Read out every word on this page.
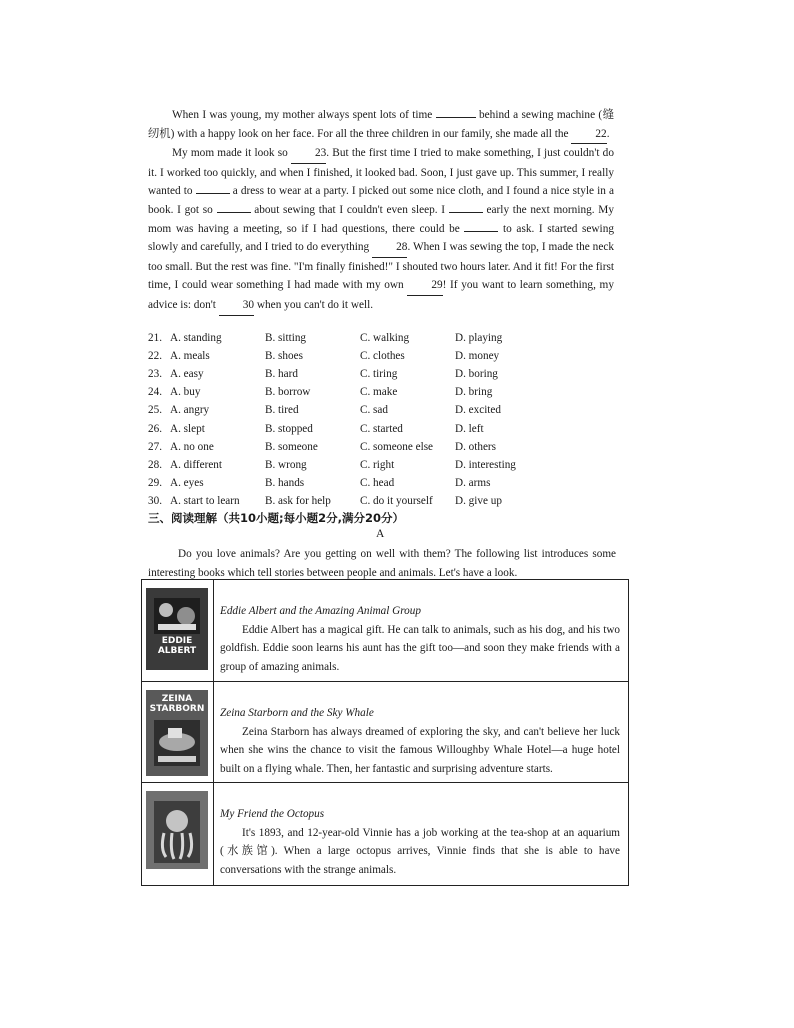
When I was young, my mother always spent lots of time	behind a sewing machine (缝纫机) with a happy look on her face. For all the three children in our family, she made all the 22.

My mom made it look so 23. But the first time I tried to make something, I just couldn't do it. I worked too quickly, and when I finished, it looked bad. Soon, I just gave up. This summer, I really wanted to	a dress to wear at a party. I picked out some nice cloth, and I found a nice style in a book. I got so	about sewing that I couldn't even sleep. I	early the next morning. My mom was having a meeting, so if I had questions, there could be	to ask. I started sewing slowly and carefully, and I tried to do everything 28. When I was sewing the top, I made the neck too small. But the rest was fine. "I'm finally finished!" I shouted two hours later. And it fit! For the first time, I could wear something I had made with my own 29! If you want to learn something, my advice is: don't 30 when you can't do it well.

21. A. standing	B. sitting	C. walking	D. playing
22. A. meals	B. shoes	C. clothes	D. money
23. A. easy	B. hard	C. tiring	D. boring
24. A. buy	B. borrow	C. make	D. bring
25. A. angry	B. tired	C. sad	D. excited
26. A. slept	B. stopped	C. started	D. left
27. A. no one	B. someone	C. someone else	D. others
28. A. different	B. wrong	C. right	D. interesting
29. A. eyes	B. hands	C. head	D. arms
30. A. start to learn	B. ask for help	C. do it yourself	D. give up
三、阅读理解（共10小题;每小题2分,满分20分）
A

Do you love animals? Are you getting on well with them? The following list introduces some interesting books which tell stories between people and animals. Let's have a look.

EDDIE ALBERT

Eddie Albert and the Amazing Animal Group

Eddie Albert has a magical gift. He can talk to animals, such as his dog, and his two goldfish. Eddie soon learns his aunt has the gift too—and soon they make friends with a group of amazing animals.

ZEINA STARBORN	Zeina Starborn and the Sky Whale

Zeina Starborn has always dreamed of exploring the sky, and can't believe her luck when she wins the chance to visit the famous Willoughby Whale Hotel—a huge hotel built on a flying whale. Then, her fantastic and surprising adventure starts.

My Friend the Octopus

It's 1893, and 12-year-old Vinnie has a job working at the tea-shop at an aquarium (水族馆). When a large octopus arrives, Vinnie finds that she is able to have conversations with the strange animals.
